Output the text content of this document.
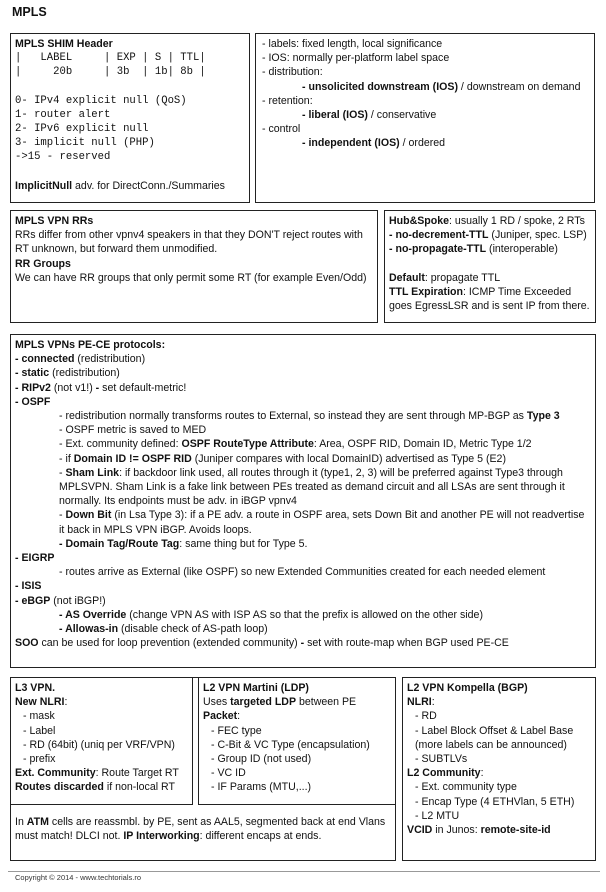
MPLS
MPLS SHIM Header
|   LABEL     | EXP | S | TTL|
|     20b     | 3b  | 1b| 8b |
0- IPv4 explicit null (QoS)
1- router alert
2- IPv6 explicit null
3- implicit null (PHP)
->15 - reserved
ImplicitNull adv. for DirectConn./Summaries
- labels: fixed length, local significance
- IOS: normally per-platform label space
- distribution:
- unsolicited downstream (IOS) / downstream on demand
- retention:
- liberal (IOS) / conservative
- control
- independent (IOS) / ordered
MPLS VPN RRs
RRs differ from other vpnv4 speakers in that they DON'T reject routes with RT unknown, but forward them unmodified.
RR Groups
We can have RR groups that only permit some RT (for example Even/Odd)
Hub&Spoke: usually 1 RD / spoke, 2 RTs
- no-decrement-TTL (Juniper, spec. LSP)
- no-propagate-TTL (interoperable)
Default: propagate TTL
TTL Expiration: ICMP Time Exceeded goes EgressLSR and is sent IP from there.
MPLS VPNs PE-CE protocols:
- connected (redistribution)
- static (redistribution)
- RIPv2 (not v1!) - set default-metric!
- OSPF
- redistribution normally transforms routes to External, so instead they are sent through MP-BGP as Type 3
- OSPF metric is saved to MED
- Ext. community defined: OSPF RouteType Attribute: Area, OSPF RID, Domain ID, Metric Type 1/2
- if Domain ID != OSPF RID (Juniper compares with local DomainID) advertised as Type 5 (E2)
- Sham Link: if backdoor link used, all routes through it (type1, 2, 3) will be preferred against Type3 through MPLSVPN. Sham Link is a fake link between PEs treated as demand circuit and all LSAs are sent through it normally. Its endpoints must be adv. in iBGP vpnv4
- Down Bit (in Lsa Type 3): if a PE adv. a route in OSPF area, sets Down Bit and another PE will not readvertise it back in MPLS VPN iBGP. Avoids loops.
- Domain Tag/Route Tag: same thing but for Type 5.
- EIGRP
- routes arrive as External (like OSPF) so new Extended Communities created for each needed element
- ISIS
- eBGP (not iBGP!)
- AS Override (change VPN AS with ISP AS so that the prefix is allowed on the other side)
- Allowas-in (disable check of AS-path loop)
SOO can be used for loop prevention (extended community) - set with route-map when BGP used PE-CE
L3 VPN.
New NLRI:
- mask
- Label
- RD (64bit) (uniq per VRF/VPN)
- prefix
Ext. Community: Route Target RT
Routes discarded if non-local RT
L2 VPN Martini (LDP)
Uses targeted LDP between PE
Packet:
- FEC type
- C-Bit & VC Type (encapsulation)
- Group ID (not used)
- VC ID
- IF Params (MTU,...)
In ATM cells are reassmbl. by PE, sent as AAL5, segmented back at end Vlans must match! DLCI not. IP Interworking: different encaps at ends.
L2 VPN Kompella (BGP)
NLRI:
- RD
- Label Block Offset & Label Base (more labels can be announced)
- SUBTLVs
L2 Community:
- Ext. community type
- Encap Type (4 ETHVlan, 5 ETH)
- L2 MTU
VCID in Junos: remote-site-id
Copyright © 2014 - www.techtorials.ro
